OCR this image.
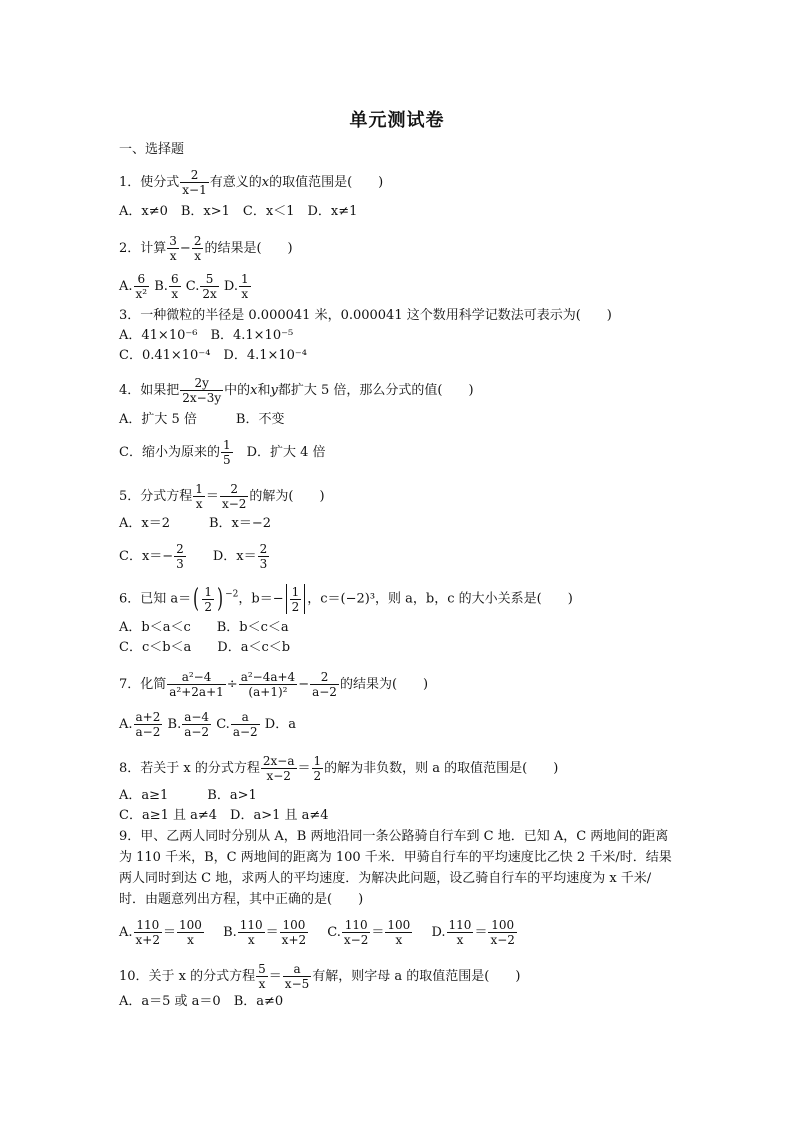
单元测试卷
一、选择题
1．使分式 $\frac{2}{x-1}$ 有意义的x的取值范围是(　　)
A．x≠0　B．x>1　C．x＜1　D．x≠1
2．计算 $\frac{3}{x} - \frac{2}{x}$ 的结果是(　　)
A. $\frac{6}{\text{x²}} B$. $\frac{6}{x} C$. $\frac{5}{2x} D$. $\frac{1}{x}$
3．一种微粒的半径是 0.000041 米，0.000041 这个数用科学记数法可表示为(　　)
A．41×10⁻⁶　B．4.1×10⁻⁵
C．0.41×10⁻⁴　D．4.1×10⁻⁴
4．如果把 $\frac{2y}{2x-3y}$ 中的x和y都扩大 5 倍，那么分式的值(　　)
A．扩大 5 倍　　　B．不变
C．缩小为原来的 $\frac{1}{5}$ 　D．扩大 4 倍
5．分式方程 $\frac{1}{x} = \frac{2}{x-2}$ 的解为(　　)
A．x＝2　　　B．x＝−2
C．$x=- \frac{2}{3}$ 　　D．$x= \frac{2}{3}$
6．已知 $a=( \frac{1}{2}$ ) $^{-2}$，$b=- \frac{1}{2}$ ，c＝(−2)³，则 a，b，c 的大小关系是(　　)
A．b＜a＜c　　B．b＜c＜a
C．c＜b＜a　　D．a＜c＜b
7．化简 $\frac{\text{a²−4}}{\text{a²+2a+1}} \div \frac{\text{a²−4a+4}}{\text{(a+1)²}} - \frac{2}{a-2}$ 的结果为(　　)
A. $\frac{a+2}{a-2} B$. $\frac{a-4}{a-2} C$. $\frac{a}{a-2}$ D．a
8．若关于 x 的分式方程 $\frac{2x-a}{x-2} = \frac{1}{2}$ 的解为非负数，则 a 的取值范围是(　　)
A．a≥1　　　B．a>1
C．a≥1 且 a≠4　D．a>1 且 a≠4
9．甲、乙两人同时分别从 A，B 两地沿同一条公路骑自行车到 C 地．已知 A，C 两地间的距离为 110 千米，B，C 两地间的距离为 100 千米．甲骑自行车的平均速度比乙快 2 千米/时．结果两人同时到达 C 地，求两人的平均速度．为解决此问题，设乙骑自行车的平均速度为 x 千米/时．由题意列出方程，其中正确的是(　　)
A. $\frac{110}{x+2} = \frac{100}{x} B$. $\frac{110}{x} = \frac{100}{x+2} C$. $\frac{110}{x-2} = \frac{100}{x} D$. $\frac{110}{x} = \frac{100}{x-2}$
10．关于 x 的分式方程 $\frac{5}{x} = \frac{a}{x-5}$ 有解，则字母 a 的取值范围是(　　)
A．a＝5 或 a＝0　B．a≠0
